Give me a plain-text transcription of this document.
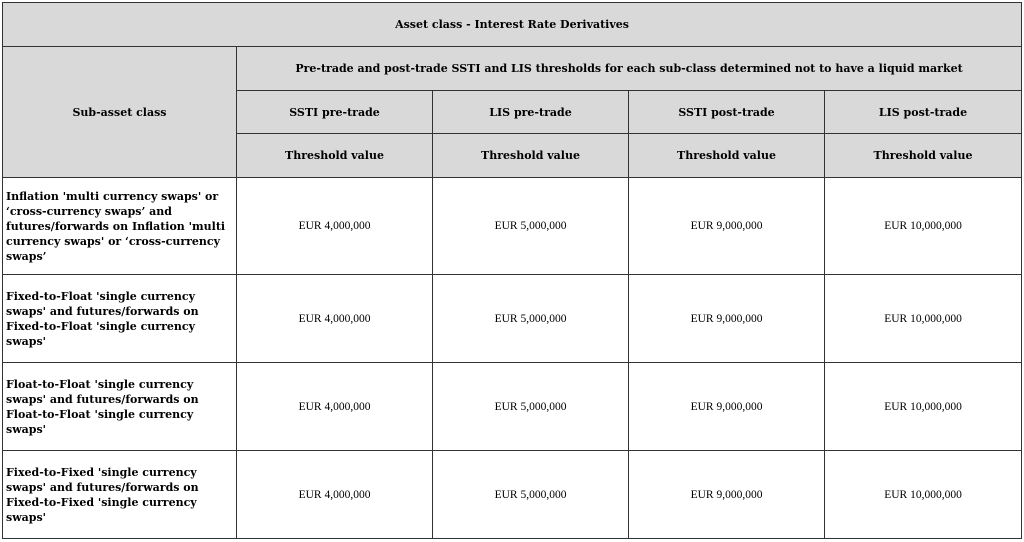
Asset class - Interest Rate Derivatives				
Sub-asset class	Pre-trade and post-trade SSTI and LIS thresholds for each sub-class determined not to have a liquid market			
	SSTI pre-trade	LIS pre-trade	SSTI post-trade	LIS post-trade
	Threshold value	Threshold value	Threshold value	Threshold value
Inflation 'multi currency swaps' or ‘cross-currency swaps’ and futures/forwards on Inflation 'multi currency swaps' or ‘cross-currency swaps’	EUR 4,000,000	EUR 5,000,000	EUR 9,000,000	EUR 10,000,000
Fixed-to-Float 'single currency swaps' and futures/forwards on Fixed-to-Float 'single currency swaps'	EUR 4,000,000	EUR 5,000,000	EUR 9,000,000	EUR 10,000,000
Float-to-Float 'single currency swaps' and futures/forwards on Float-to-Float 'single currency swaps'	EUR 4,000,000	EUR 5,000,000	EUR 9,000,000	EUR 10,000,000
Fixed-to-Fixed 'single currency swaps' and futures/forwards on Fixed-to-Fixed 'single currency swaps'	EUR 4,000,000	EUR 5,000,000	EUR 9,000,000	EUR 10,000,000
